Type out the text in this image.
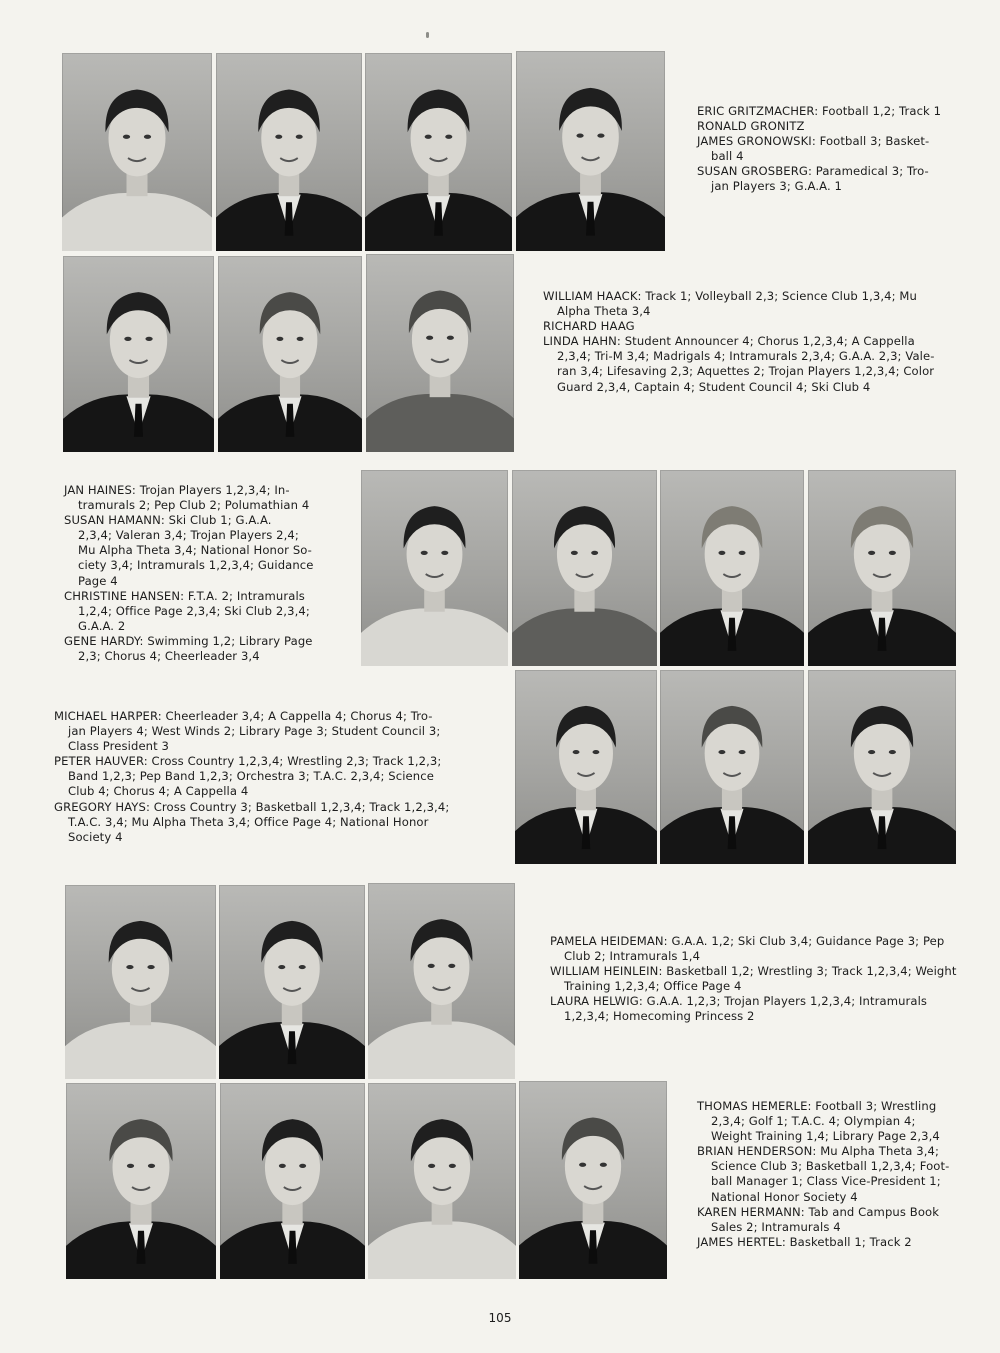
ERIC GRITZMACHER: Football 1,2; Track 1

RONALD GRONITZ

JAMES GRONOWSKI: Football 3; Basket-

ball 4

SUSAN GROSBERG: Paramedical 3; Tro-

jan Players 3; G.A.A. 1

WILLIAM HAACK: Track 1; Volleyball 2,3; Science Club 1,3,4; Mu

Alpha Theta 3,4

RICHARD HAAG

LINDA HAHN: Student Announcer 4; Chorus 1,2,3,4; A Cappella

2,3,4; Tri-M 3,4; Madrigals 4; Intramurals 2,3,4; G.A.A. 2,3; Vale-
ran 3,4; Lifesaving 2,3; Aquettes 2; Trojan Players 1,2,3,4; Color
Guard 2,3,4, Captain 4; Student Council 4; Ski Club 4

JAN HAINES: Trojan Players 1,2,3,4; In-

tramurals 2; Pep Club 2; Polumathian 4

SUSAN HAMANN: Ski Club 1; G.A.A.

2,3,4; Valeran 3,4; Trojan Players 2,4;
Mu Alpha Theta 3,4; National Honor So-
ciety 3,4; Intramurals 1,2,3,4; Guidance
Page 4

CHRISTINE HANSEN: F.T.A. 2; Intramurals

1,2,4; Office Page 2,3,4; Ski Club 2,3,4;
G.A.A. 2

GENE HARDY: Swimming 1,2; Library Page

2,3; Chorus 4; Cheerleader 3,4

MICHAEL HARPER: Cheerleader 3,4; A Cappella 4; Chorus 4; Tro-

jan Players 4; West Winds 2; Library Page 3; Student Council 3;
Class President 3

PETER HAUVER: Cross Country 1,2,3,4; Wrestling 2,3; Track 1,2,3;

Band 1,2,3; Pep Band 1,2,3; Orchestra 3; T.A.C. 2,3,4; Science
Club 4; Chorus 4; A Cappella 4

GREGORY HAYS: Cross Country 3; Basketball 1,2,3,4; Track 1,2,3,4;

T.A.C. 3,4; Mu Alpha Theta 3,4; Office Page 4; National Honor
Society 4

PAMELA HEIDEMAN: G.A.A. 1,2; Ski Club 3,4; Guidance Page 3; Pep

Club 2; Intramurals 1,4

WILLIAM HEINLEIN: Basketball 1,2; Wrestling 3; Track 1,2,3,4; Weight

Training 1,2,3,4; Office Page 4

LAURA HELWIG: G.A.A. 1,2,3; Trojan Players 1,2,3,4; Intramurals

1,2,3,4; Homecoming Princess 2

THOMAS HEMERLE: Football 3; Wrestling

2,3,4; Golf 1; T.A.C. 4; Olympian 4;
Weight Training 1,4; Library Page 2,3,4

BRIAN HENDERSON: Mu Alpha Theta 3,4;

Science Club 3; Basketball 1,2,3,4; Foot-
ball Manager 1; Class Vice-President 1;
National Honor Society 4

KAREN HERMANN: Tab and Campus Book

Sales 2; Intramurals 4

JAMES HERTEL: Basketball 1; Track 2

105
